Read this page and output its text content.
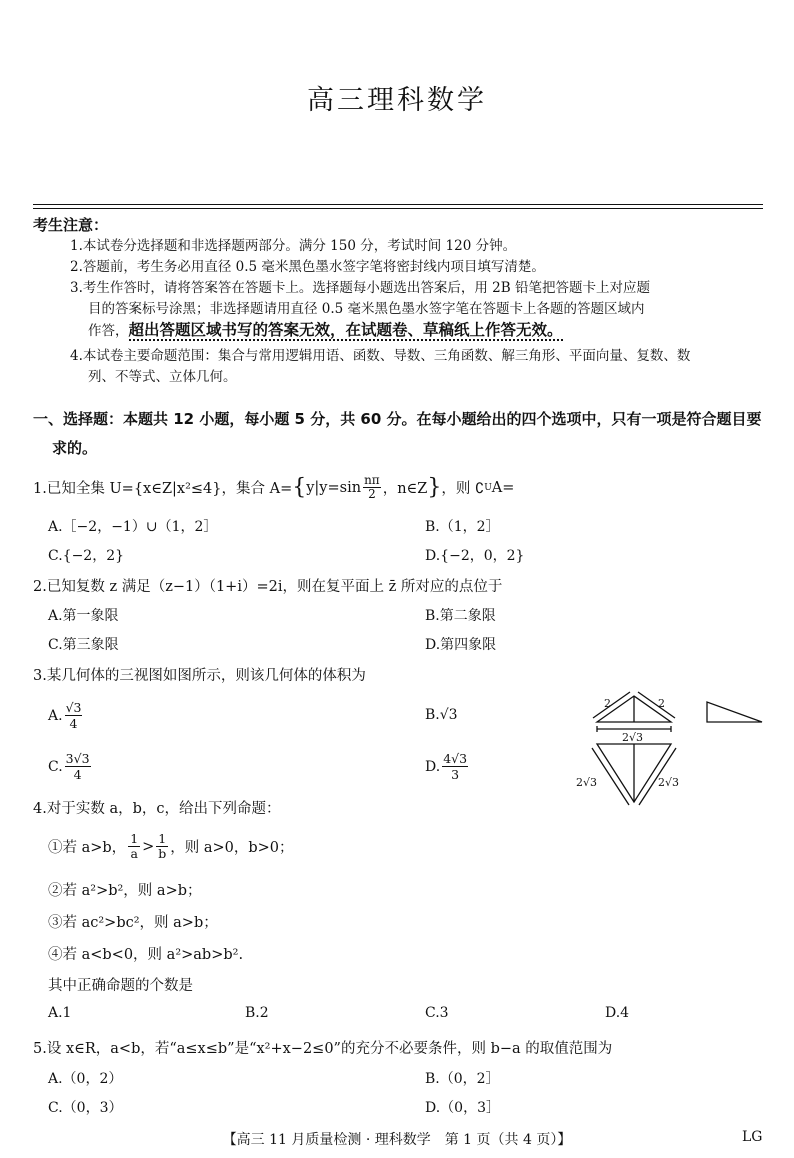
高三理科数学
考生注意：
1.本试卷分选择题和非选择题两部分。满分 150 分，考试时间 120 分钟。
2.答题前，考生务必用直径 0.5 毫米黑色墨水签字笔将密封线内项目填写清楚。
3.考生作答时，请将答案答在答题卡上。选择题每小题选出答案后，用 2B 铅笔把答题卡上对应题
目的答案标号涂黑；非选择题请用直径 0.5 毫米黑色墨水签字笔在答题卡上各题的答题区域内
作答，超出答题区域书写的答案无效，在试题卷、草稿纸上作答无效。
4.本试卷主要命题范围：集合与常用逻辑用语、函数、导数、三角函数、解三角形、平面向量、复数、数
列、不等式、立体几何。
一、选择题：本题共 12 小题，每小题 5 分，共 60 分。在每小题给出的四个选项中，只有一项是符合题目要
求的。
1.已知全集 U={x∈Z|x²≤4}，集合 A= { $y|y=\sin \frac{n\pi}{2}$ ，n∈Z } ，则 ∁ U A=
A.［−2，−1）∪（1，2］	B.（1，2］
C.{−2，2}	D.{−2，0，2}
2.已知复数 z 满足（z−1）（1+i）=2i，则在复平面上 z̄ 所对应的点位于
A.第一象限	B.第二象限
C.第三象限	D.第四象限
3.某几何体的三视图如图所示，则该几何体的体积为
A. $\frac{√3}{4}$	B.√3
C. $\frac{3√3}{4}$	D. $\frac{4√3}{3}$
2	2
2√3
2√3	2√3
4.对于实数 a，b，c，给出下列命题：
①若 a>b， $\frac{1}{a} > \frac{1}{b}$ ，则 a>0，b>0；
②若 a²>b²，则 a>b；
③若 ac²>bc²，则 a>b；
④若 a<b<0，则 a²>ab>b².
其中正确命题的个数是
A.1	B.2	C.3	D.4
5.设 x∈R，a<b，若“a≤x≤b”是“x²+x−2≤0”的充分不必要条件，则 b−a 的取值范围为
A.（0，2）	B.（0，2］
C.（0，3）	D.（0，3］
【高三 11 月质量检测 · 理科数学　第 1 页（共 4 页）】	LG
